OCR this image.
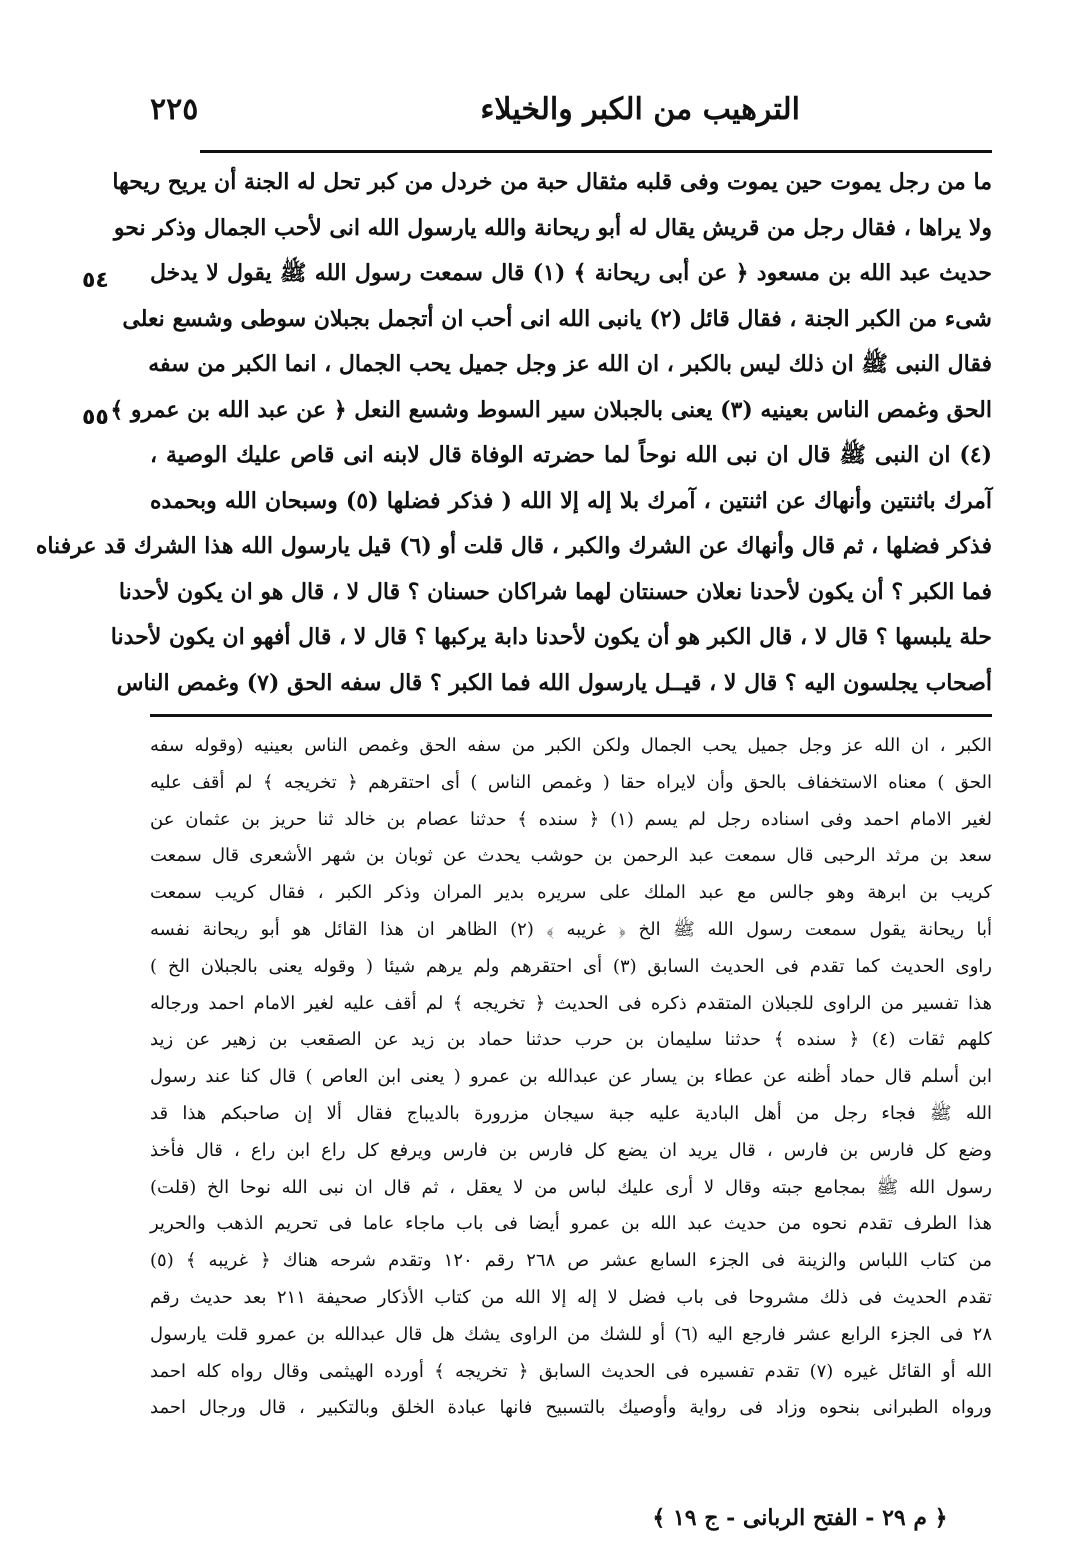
الترهيب من الكبر والخيلاء
٢٢٥
٥٤
٥٥
ما من رجل يموت حين يموت وفى قلبه مثقال حبة من خردل من كبر تحل له الجنة أن يريح ريحها
ولا يراها ، فقال رجل من قريش يقال له أبو ريحانة والله يارسول الله انى لأحب الجمال وذكر نحو
حديث عبد الله بن مسعود ﴿ عن أبى ريحانة ﴾ (١) قال سمعت رسول الله ﷺ يقول لا يدخل
شىء من الكبر الجنة ، فقال قائل (٢) يانبى الله انى أحب ان أتجمل بجبلان سوطى وشسع نعلى
فقال النبى ﷺ ان ذلك ليس بالكبر ، ان الله عز وجل جميل يحب الجمال ، انما الكبر من سفه
الحق وغمص الناس بعينيه (٣) يعنى بالجبلان سير السوط وشسع النعل ﴿ عن عبد الله بن عمرو ﴾
(٤) ان النبى ﷺ قال ان نبى الله نوحاً لما حضرته الوفاة قال لابنه انى قاص عليك الوصية ،
آمرك باثنتين وأنهاك عن اثنتين ، آمرك بلا إله إلا الله ( فذكر فضلها (٥) وسبحان الله وبحمده
فذكر فضلها ، ثم قال وأنهاك عن الشرك والكبر ، قال قلت أو (٦) قيل يارسول الله هذا الشرك قد عرفناه
فما الكبر ؟ أن يكون لأحدنا نعلان حسنتان لهما شراكان حسنان ؟ قال لا ، قال هو ان يكون لأحدنا
حلة يلبسها ؟ قال لا ، قال الكبر هو أن يكون لأحدنا دابة يركبها ؟ قال لا ، قال أفهو ان يكون لأحدنا
أصحاب يجلسون اليه ؟ قال لا ، قيــل يارسول الله فما الكبر ؟ قال سفه الحق (٧) وغمص الناس
الكبر ، ان الله عز وجل جميل يحب الجمال ولكن الكبر من سفه الحق وغمص الناس بعينيه (وقوله سفه
الحق ) معناه الاستخفاف بالحق وأن لايراه حقا ( وغمص الناس ) أى احتقرهم ﴿ تخريجه ﴾ لم أقف عليه
لغير الامام احمد وفى اسناده رجل لم يسم (١) ﴿ سنده ﴾ حدثنا عصام بن خالد ثنا حريز بن عثمان عن
سعد بن مرثد الرحبى قال سمعت عبد الرحمن بن حوشب يحدث عن ثوبان بن شهر الأشعرى قال سمعت
كريب بن ابرهة وهو جالس مع عبد الملك على سريره بدير المران وذكر الكبر ، فقال كريب سمعت
أبا ريحانة يقول سمعت رسول الله ﷺ الخ ﴿ غريبه ﴾ (٢) الظاهر ان هذا القائل هو أبو ريحانة نفسه
راوى الحديث كما تقدم فى الحديث السابق (٣) أى احتقرهم ولم يرهم شيئا ( وقوله يعنى بالجبلان الخ )
هذا تفسير من الراوى للجبلان المتقدم ذكره فى الحديث ﴿ تخريجه ﴾ لم أقف عليه لغير الامام احمد ورجاله
كلهم ثقات (٤) ﴿ سنده ﴾ حدثنا سليمان بن حرب حدثنا حماد بن زيد عن الصقعب بن زهير عن زيد
ابن أسلم قال حماد أظنه عن عطاء بن يسار عن عبدالله بن عمرو ( يعنى ابن العاص ) قال كنا عند رسول
الله ﷺ فجاء رجل من أهل البادية عليه جبة سيجان مزرورة بالديباج فقال ألا إن صاحبكم هذا قد
وضع كل فارس بن فارس ، قال يريد ان يضع كل فارس بن فارس ويرفع كل راع ابن راع ، قال فأخذ
رسول الله ﷺ بمجامع جبته وقال لا أرى عليك لباس من لا يعقل ، ثم قال ان نبى الله نوحا الخ (قلت)
هذا الطرف تقدم نحوه من حديث عبد الله بن عمرو أيضا فى باب ماجاء عاما فى تحريم الذهب والحرير
من كتاب اللباس والزينة فى الجزء السابع عشر ص ٢٦٨ رقم ١٢٠ وتقدم شرحه هناك ﴿ غريبه ﴾ (٥)
تقدم الحديث فى ذلك مشروحا فى باب فضل لا إله إلا الله من كتاب الأذكار صحيفة ٢١١ بعد حديث رقم
٢٨ فى الجزء الرابع عشر فارجع اليه (٦) أو للشك من الراوى يشك هل قال عبدالله بن عمرو قلت يارسول
الله أو القائل غيره (٧) تقدم تفسيره فى الحديث السابق ﴿ تخريجه ﴾ أورده الهيثمى وقال رواه كله احمد
ورواه الطبرانى بنحوه وزاد فى رواية وأوصيك بالتسبيح فانها عبادة الخلق وبالتكبير ، قال ورجال احمد
﴿ م ٢٩ - الفتح الربانى - ج ١٩ ﴾
